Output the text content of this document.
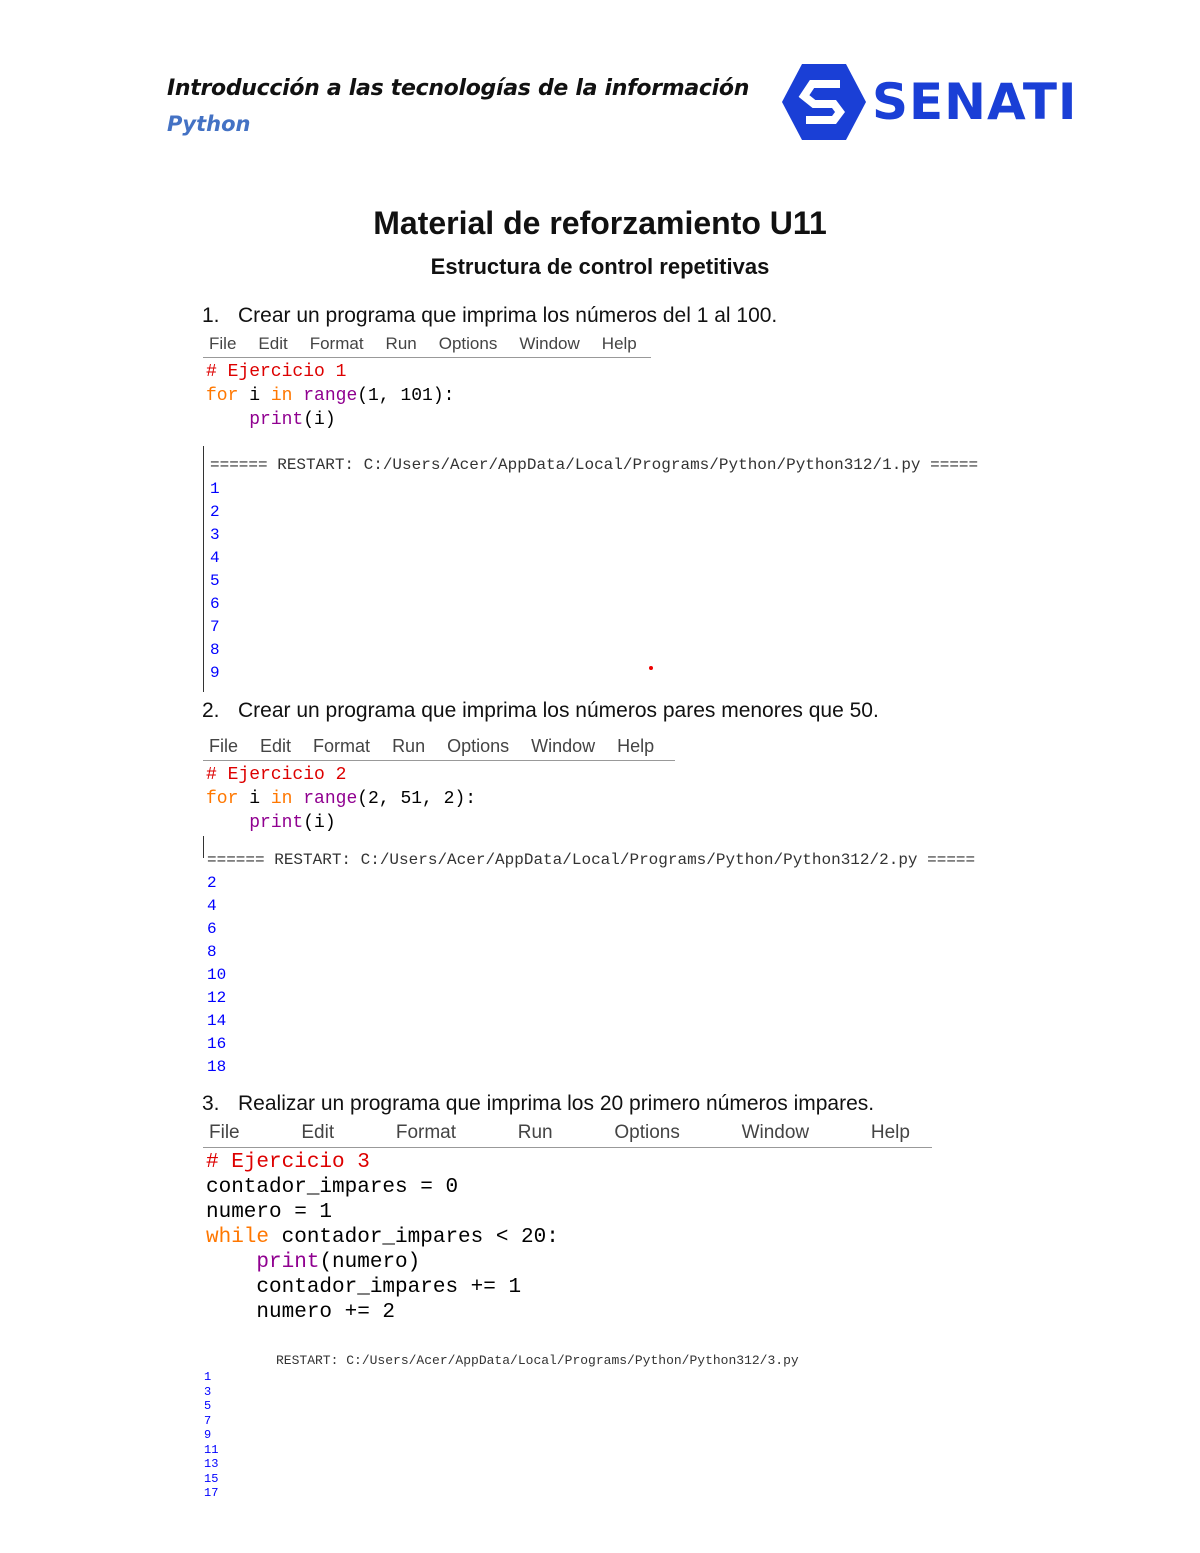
Introducción a las tecnologías de la información
Python	SENATI
Material de reforzamiento U11
Estructura de control repetitivas
1. Crear un programa que imprima los números del 1 al 100.
File Edit Format Run Options Window Help
# Ejercicio 1
for i in range(1, 101):
print(i)
====== RESTART: C:/Users/Acer/AppData/Local/Programs/Python/Python312/1.py =====
1
2
3
4
5
6
7
8
9
2. Crear un programa que imprima los números pares menores que 50.
File Edit Format Run Options Window Help
# Ejercicio 2
for i in range(2, 51, 2):
print(i)
====== RESTART: C:/Users/Acer/AppData/Local/Programs/Python/Python312/2.py =====
2
4
6
8
10
12
14
16
18
3. Realizar un programa que imprima los 20 primero números impares.
File	Edit	Format	Run	Options	Window	Help
# Ejercicio 3
contador_impares = 0
numero = 1
while contador_impares < 20:
print(numero)
contador_impares += 1
numero += 2
RESTART: C:/Users/Acer/AppData/Local/Programs/Python/Python312/3.py
1
3
5
7
9
11
13
15
17
